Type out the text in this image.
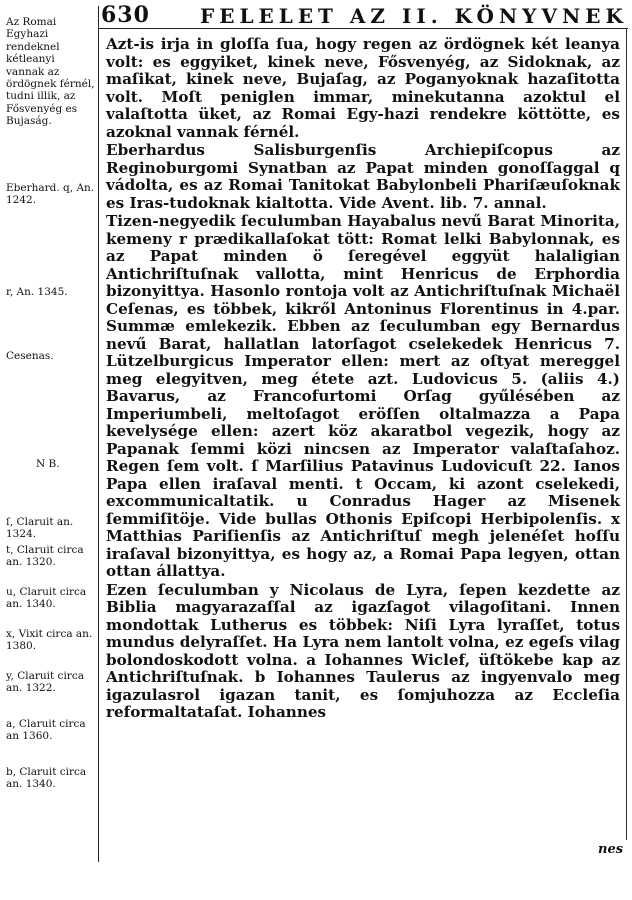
630	FELELET AZ II. KÖNYVNEK

Az Romai Egyhazi rendeknel kétleanyi vannak az ördögnek férnél, tudni illik, az Fősvenyég es Bujaság.

Eberhard. q, An. 1242.

r, An. 1345.

Cesenas.

N B.

ſ, Claruit an. 1324.

t, Claruit circa an. 1320.

u, Claruit circa an. 1340.

x, Vixit circa an. 1380.

y, Claruit circa an. 1322.

a, Claruit circa an 1360.

b, Claruit circa an. 1340.

Azt-is irja in gloſſa ſua, hogy regen az ördögnek két leanya volt: es eggyiket, kinek neve, Fősvenyég, az Sidoknak, az maſikat, kinek neve, Bujaſag, az Poganyoknak hazaſitotta volt. Moſt peniglen immar, minekutanna azoktul el valaſtotta üket, az Romai Egy-hazi rendekre köttötte, es azoknal vannak férnél.

Eberhardus Salisburgenſis Archiepiſcopus az Reginoburgomi Synatban az Papat minden gonoſſaggal q vádolta, es az Romai Tanitokat Babylonbeli Phariſæuſoknak es Iras-tudoknak kialtotta. Vide Avent. lib. 7. annal.

Tizen-negyedik ſeculumban Hayabalus nevű Barat Minorita, kemeny r prædikallaſokat tött: Romat lelki Babylonnak, es az Papat minden ö ſeregével eggyüt halaligian Antichriſtuſnak vallotta, mint Henricus de Erphordia bizonyittya. Hasonlo rontoja volt az Antichriſtuſnak Michaël Ceſenas, es többek, kikről Antoninus Florentinus in 4.par. Summæ emlekezik. Ebben az ſeculumban egy Bernardus nevű Barat, hallatlan latorſagot cselekedek Henricus 7. Lützelburgicus Imperator ellen: mert az oſtyat mereggel meg elegyitven, meg étete azt. Ludovicus 5. (aliis 4.) Bavarus, az Francofurtomi Orſag gyűlésében az Imperiumbeli, meltoſagot eröſſen oltalmazza a Papa kevelysége ellen: azert köz akaratbol vegezik, hogy az Papanak ſemmi közi nincsen az Imperator valaſtaſahoz. Regen ſem volt. ſ Marſilius Patavinus Ludovicuſt 22. Ianos Papa ellen iraſaval menti. t Occam, ki azont cselekedi, excommunicaltatik. u Conradus Hager az Misenek ſemmiſitöje. Vide bullas Othonis Epiſcopi Herbipolenſis. x Matthias Pariſienſis az Antichriſtuſ megh jelenéſet hoſſu iraſaval bizonyittya, es hogy az, a Romai Papa legyen, ottan ottan állattya.

Ezen ſeculumban y Nicolaus de Lyra, ſepen kezdette az Biblia magyarazaſſal az igazſagot vilagoſitani. Innen mondottak Lutherus es többek: Niſi Lyra lyraſſet, totus mundus delyraſſet. Ha Lyra nem lantolt volna, ez egeſs vilag bolondoskodott volna. a Iohannes Wiclef, üſtökebe kap az Antichriſtuſnak. b Iohannes Taulerus az ingyenvalo meg igazulasrol igazan tanit, es ſomjuhozza az Eccleſia reformaltataſat. Iohannes

nes
